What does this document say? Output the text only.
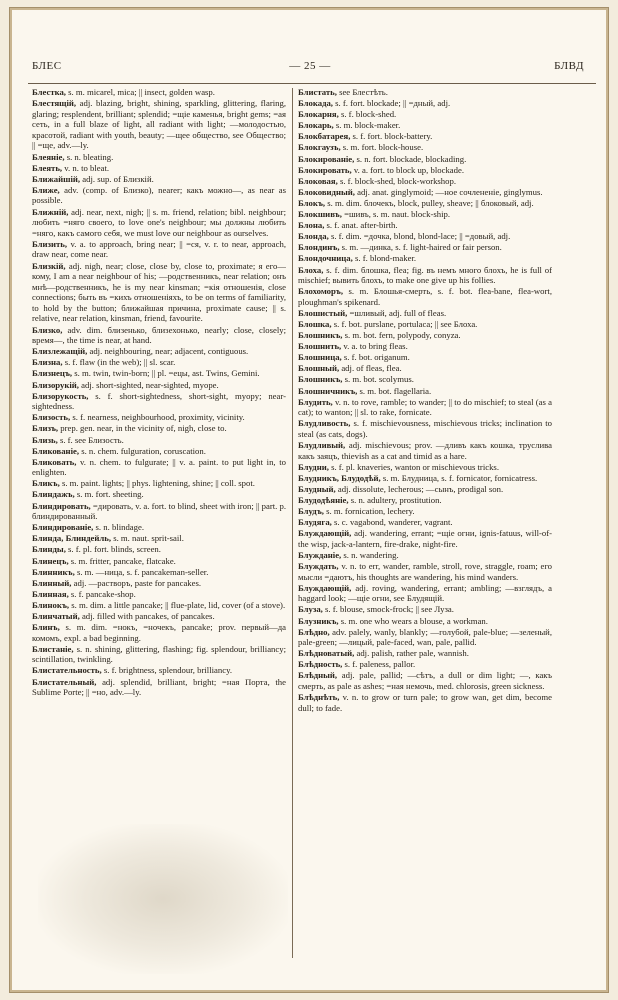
БЛЕС	— 25 —	БЛВД

Блестка, s. m. micarel, mica; || insect, golden wasp.

Блестящій, adj. blazing, bright, shining, sparkling, glittering, flaring, glaring; resplendent, brilliant; splendid; =щіе каменья, bright gems; =ая сеть, in a full blaze of light, all radiant with light; —молодостью, красотой, radiant with youth, beauty; —щее общество, see Общество; || =ще, adv.—ly.

Блеяніе, s. n. bleating.

Блеять, v. n. to bleat.

Ближайшій, adj. sup. of Близкій.

Ближе, adv. (comp. of Близко), nearer; какъ можно—, as near as possible.

Ближній, adj. near, next, nigh; || s. m. friend, relation; bibl. neighbour; любить =няго своего, to love one's neighbour; мы должны любить =няго, какъ самого себя, we must love our neighbour as ourselves.

Близить, v. a. to approach, bring near; || =ся, v. r. to near, approach, draw near, come near.

Близкій, adj. nigh, near; close, close by, close to, proximate; я его—кому, I am a near neighbour of his; —родственникъ, near relation; онъ мнѣ—родственникъ, he is my near kinsman; =кія отношенія, close connections; быть въ =кихъ отношеніяхъ, to be on terms of familiarity, to hold by the button; ближайшая причина, proximate cause; || s. relative, near relation, kinsman, friend, favourite.

Близко, adv. dim. близенько, близехонько, nearly; close, closely; время—, the time is near, at hand.

Близлежащій, adj. neighbouring, near; adjacent, contiguous.

Близна, s. f. flaw (in the web); || sl. scar.

Близнецъ, s. m. twin, twin-born; || pl. =ецы, ast. Twins, Gemini.

Близорукій, adj. short-sighted, near-sighted, myope.

Близорукость, s. f. short-sightedness, short-sight, myopy; near-sightedness.

Близость, s. f. nearness, neighbourhood, proximity, vicinity.

Близъ, prep. gen. near, in the vicinity of, nigh, close to.

Близь, s. f. see Близость.

Бликованіе, s. n. chem. fulguration, coruscation.

Бликовать, v. n. chem. to fulgurate; || v. a. paint. to put light in, to enlighten.

Бликъ, s. m. paint. lights; || phys. lightening, shine; || coll. spot.

Блиндажъ, s. m. fort. sheeting.

Блиндировать, =дировать, v. a. fort. to blind, sheet with iron; || part. p. блиндированный.

Блиндированіе, s. n. blindage.

Блинда, Блиндейль, s. m. naut. sprit-sail.

Блинды, s. f. pl. fort. blinds, screen.

Блинецъ, s. m. fritter, pancake, flatcake.

Блинникъ, s. m. —ница, s. f. pancakeman-seller.

Блинный, adj. —растворъ, paste for pancakes.

Блинная, s. f. pancake-shop.

Блинокъ, s. m. dim. a little pancake; || flue-plate, lid, cover (of a stove).

Блинчатый, adj. filled with pancakes, of pancakes.

Блинъ, s. m. dim. =нокъ, =ночекъ, pancake; prov. первый—да комомъ, expl. a bad beginning.

Блистаніе, s. n. shining, glittering, flashing; fig. splendour, brilliancy; scintillation, twinkling.

Блистательность, s. f. brightness, splendour, brilliancy.

Блистательный, adj. splendid, brilliant, bright; =ная Порта, the Sublime Porte; || =но, adv.—ly.

Блистать, see Блестѣть.

Блокада, s. f. fort. blockade; || =дный, adj.

Блокарня, s. f. block-shed.

Блокарь, s. m. block-maker.

Блокбатарея, s. f. fort. block-battery.

Блокгаузъ, s. m. fort. block-house.

Блокированіе, s. n. fort. blockade, blockading.

Блокировать, v. a. fort. to block up, blockade.

Блоковая, s. f. block-shed, block-workshop.

Блоковидный, adj. anat. ginglymoid; —ное сочлененіе, ginglymus.

Блокъ, s. m. dim. блочекъ, block, pulley, sheave; || блоковый, adj.

Блокшивъ, =шивъ, s. m. naut. block-ship.

Блона, s. f. anat. after-birth.

Блонда, s. f. dim. =дочка, blond, blond-lace; || =довый, adj.

Блондинъ, s. m. —динка, s. f. light-haired or fair person.

Блондочница, s. f. blond-maker.

Блоха, s. f. dim. блошка, flea; fig. въ немъ много блохъ, he is full of mischief; вывить блохъ, to make one give up his follies.

Блохоморъ, s. m. Блошья-смерть, s. f. bot. flea-bane, flea-wort, ploughman's spikenard.

Блошистый, =шливый, adj. full of fleas.

Блошка, s. f. bot. purslane, portulaca; || see Блоха.

Блошникъ, s. m. bot. fern, polypody, conyza.

Блошнить, v. a. to bring fleas.

Блошница, s. f. bot. origanum.

Блошный, adj. of fleas, flea.

Блошникъ, s. m. bot. scolymus.

Блошничникъ, s. m. bot. flagellaria.

Блудить, v. n. to rove, ramble; to wander; || to do mischief; to steal (as a cat); to wanton; || sl. to rake, fornicate.

Блудливость, s. f. mischievousness, mischievous tricks; inclination to steal (as cats, dogs).

Блудливый, adj. mischievous; prov. —дливъ какъ кошка, труслива какъ заяцъ, thievish as a cat and timid as a hare.

Блудни, s. f. pl. knaveries, wanton or mischievous tricks.

Блудникъ, Блудодѣй, s. m. Блудница, s. f. fornicator, fornicatress.

Блудный, adj. dissolute, lecherous; —сынъ, prodigal son.

Блудодѣяніе, s. n. adultery, prostitution.

Блудъ, s. m. fornication, lechery.

Блудяга, s. c. vagabond, wanderer, vagrant.

Блуждающій, adj. wandering, errant; =щіе огни, ignis-fatuus, will-of-the wisp, jack-a-lantern, fire-drake, night-fire.

Блужданіе, s. n. wandering.

Блуждать, v. n. to err, wander, ramble, stroll, rove, straggle, roam; его мысли =даютъ, his thoughts are wandering, his mind wanders.

Блуждающій, adj. roving, wandering, errant; ambling; —взглядъ, a haggard look; —щіе огни, see Блудящій.

Блуза, s. f. blouse, smock-frock; || see Луза.

Блузникъ, s. m. one who wears a blouse, a workman.

Блѣдно, adv. palely, wanly, blankly; —голубой, pale-blue; —зеленый, pale-green; —лицый, pale-faced, wan, pale, pallid.

Блѣдноватый, adj. palish, rather pale, wannish.

Блѣдность, s. f. paleness, pallor.

Блѣдный, adj. pale, pallid; —сѣтъ, a dull or dim light; —, какъ смерть, as pale as ashes; =ная немочь, med. chlorosis, green sickness.

Блѣднѣть, v. n. to grow or turn pale; to grow wan, get dim, become dull; to fade.
